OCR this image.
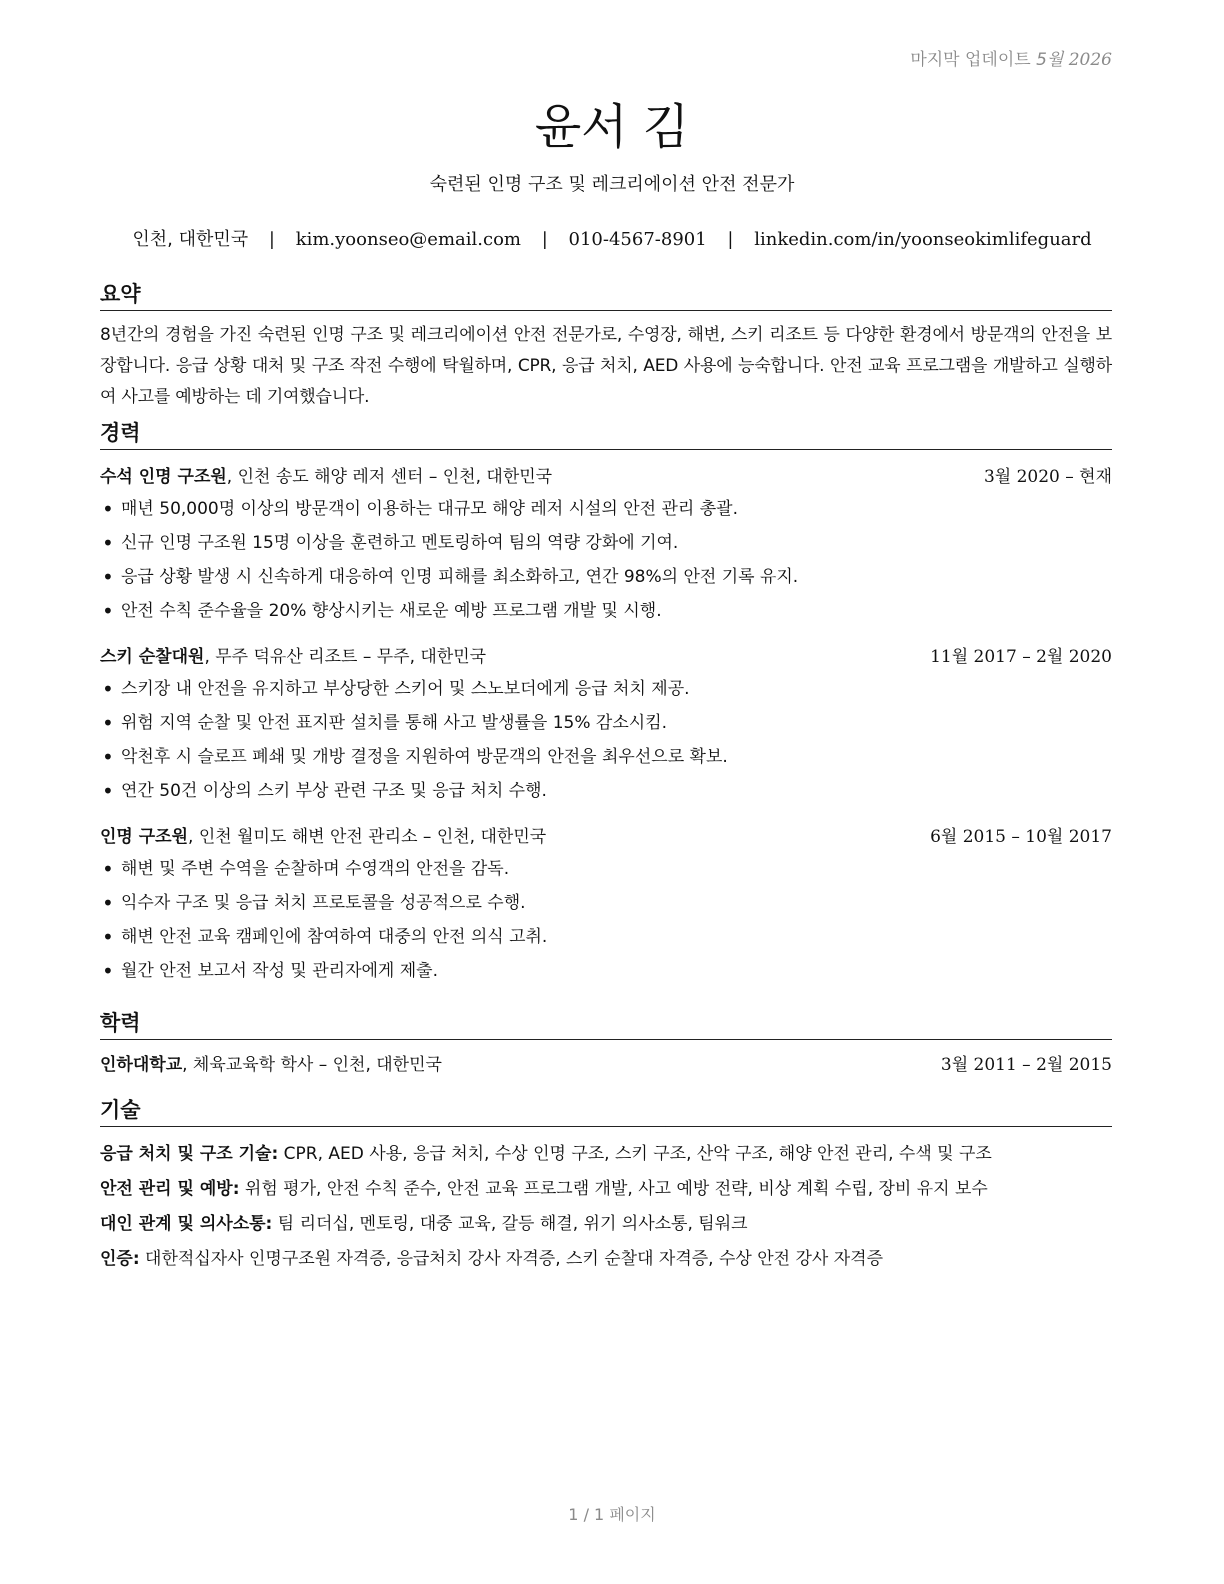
마지막 업데이트 5월 2026
윤서 김
숙련된 인명 구조 및 레크리에이션 안전 전문가
인천, 대한민국 | kim.yoonseo@email.com | 010-4567-8901 | linkedin.com/in/yoonseokimlifeguard
요약
8년간의 경험을 가진 숙련된 인명 구조 및 레크리에이션 안전 전문가로, 수영장, 해변, 스키 리조트 등 다양한 환경에서 방문객의 안전을 보장합니다. 응급 상황 대처 및 구조 작전 수행에 탁월하며, CPR, 응급 처치, AED 사용에 능숙합니다. 안전 교육 프로그램을 개발하고 실행하여 사고를 예방하는 데 기여했습니다.
경력
수석 인명 구조원, 인천 송도 해양 레저 센터 – 인천, 대한민국	3월 2020 – 현재
• 매년 50,000명 이상의 방문객이 이용하는 대규모 해양 레저 시설의 안전 관리 총괄.
• 신규 인명 구조원 15명 이상을 훈련하고 멘토링하여 팀의 역량 강화에 기여.
• 응급 상황 발생 시 신속하게 대응하여 인명 피해를 최소화하고, 연간 98%의 안전 기록 유지.
• 안전 수칙 준수율을 20% 향상시키는 새로운 예방 프로그램 개발 및 시행.
스키 순찰대원, 무주 덕유산 리조트 – 무주, 대한민국	11월 2017 – 2월 2020
• 스키장 내 안전을 유지하고 부상당한 스키어 및 스노보더에게 응급 처치 제공.
• 위험 지역 순찰 및 안전 표지판 설치를 통해 사고 발생률을 15% 감소시킴.
• 악천후 시 슬로프 폐쇄 및 개방 결정을 지원하여 방문객의 안전을 최우선으로 확보.
• 연간 50건 이상의 스키 부상 관련 구조 및 응급 처치 수행.
인명 구조원, 인천 월미도 해변 안전 관리소 – 인천, 대한민국	6월 2015 – 10월 2017
• 해변 및 주변 수역을 순찰하며 수영객의 안전을 감독.
• 익수자 구조 및 응급 처치 프로토콜을 성공적으로 수행.
• 해변 안전 교육 캠페인에 참여하여 대중의 안전 의식 고취.
• 월간 안전 보고서 작성 및 관리자에게 제출.
학력
인하대학교, 체육교육학 학사 – 인천, 대한민국	3월 2011 – 2월 2015
기술
응급 처치 및 구조 기술: CPR, AED 사용, 응급 처치, 수상 인명 구조, 스키 구조, 산악 구조, 해양 안전 관리, 수색 및 구조
안전 관리 및 예방: 위험 평가, 안전 수칙 준수, 안전 교육 프로그램 개발, 사고 예방 전략, 비상 계획 수립, 장비 유지 보수
대인 관계 및 의사소통: 팀 리더십, 멘토링, 대중 교육, 갈등 해결, 위기 의사소통, 팀워크
인증: 대한적십자사 인명구조원 자격증, 응급처치 강사 자격증, 스키 순찰대 자격증, 수상 안전 강사 자격증
1 / 1 페이지
